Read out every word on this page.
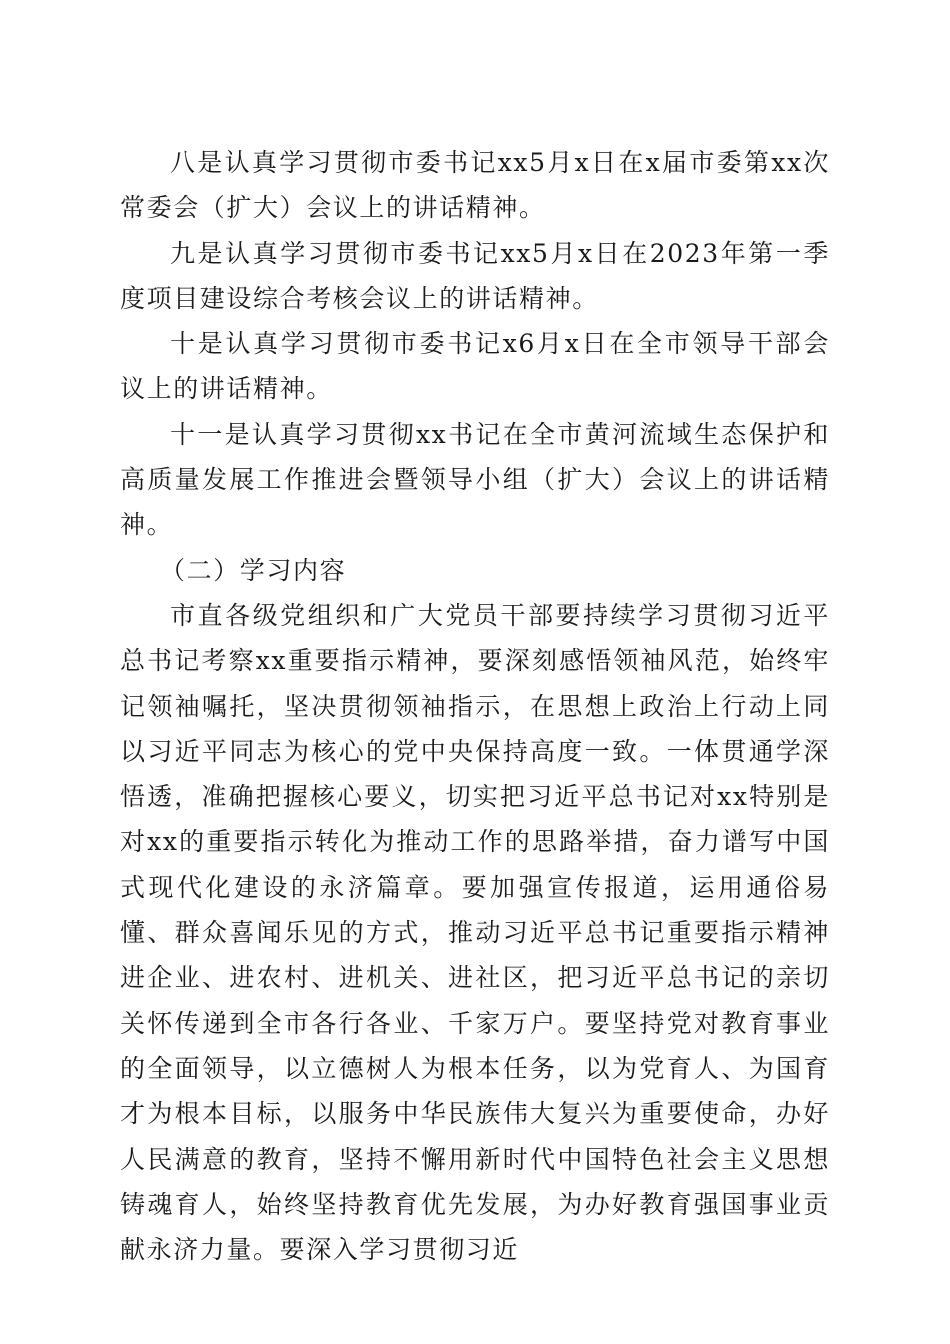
八是认真学习贯彻市委书记xx5月x日在x届市委第xx次常委会（扩大）会议上的讲话精神。

九是认真学习贯彻市委书记xx5月x日在2023年第一季度项目建设综合考核会议上的讲话精神。

十是认真学习贯彻市委书记x6月x日在全市领导干部会议上的讲话精神。

十一是认真学习贯彻xx书记在全市黄河流域生态保护和高质量发展工作推进会暨领导小组（扩大）会议上的讲话精神。

（二）学习内容

市直各级党组织和广大党员干部要持续学习贯彻习近平总书记考察xx重要指示精神，要深刻感悟领袖风范，始终牢记领袖嘱托，坚决贯彻领袖指示，在思想上政治上行动上同以习近平同志为核心的党中央保持高度一致。一体贯通学深悟透，准确把握核心要义，切实把习近平总书记对xx特别是对xx的重要指示转化为推动工作的思路举措，奋力谱写中国式现代化建设的永济篇章。要加强宣传报道，运用通俗易懂、群众喜闻乐见的方式，推动习近平总书记重要指示精神进企业、进农村、进机关、进社区，把习近平总书记的亲切关怀传递到全市各行各业、千家万户。要坚持党对教育事业的全面领导，以立德树人为根本任务，以为党育人、为国育才为根本目标，以服务中华民族伟大复兴为重要使命，办好人民满意的教育，坚持不懈用新时代中国特色社会主义思想铸魂育人，始终坚持教育优先发展，为办好教育强国事业贡献永济力量。要深入学习贯彻习近
